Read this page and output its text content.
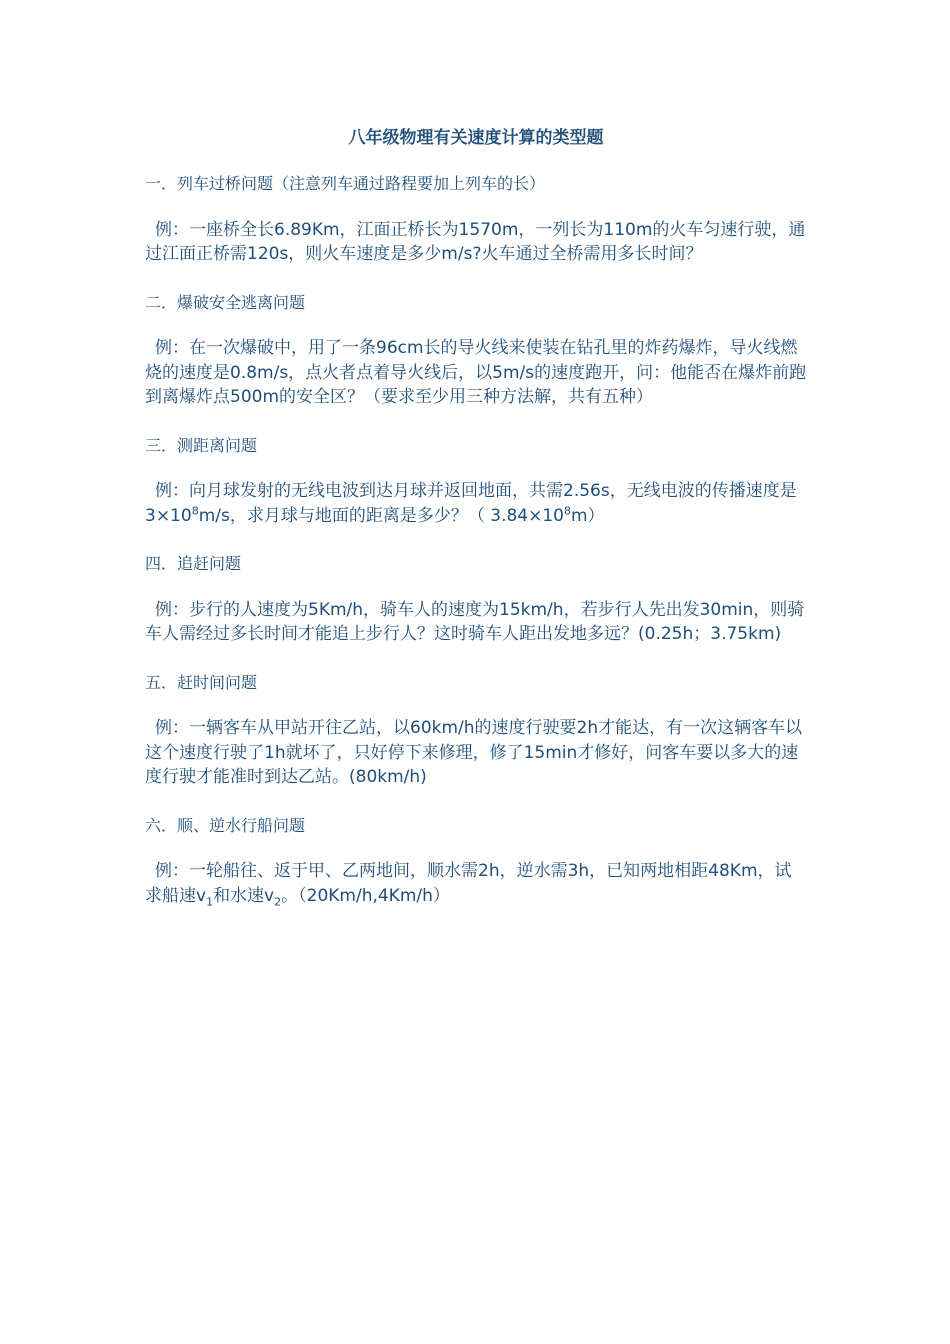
八年级物理有关速度计算的类型题
一．列车过桥问题（注意列车通过路程要加上列车的长）
例：一座桥全长6.89Km，江面正桥长为1570m，一列长为110m的火车匀速行驶，通过江面正桥需120s，则火车速度是多少m/s?火车通过全桥需用多长时间？
二．爆破安全逃离问题
例：在一次爆破中，用了一条96cm长的导火线来使装在钻孔里的炸药爆炸，导火线燃烧的速度是0.8m/s，点火者点着导火线后，以5m/s的速度跑开，问：他能否在爆炸前跑到离爆炸点500m的安全区？（要求至少用三种方法解，共有五种）
三．测距离问题
例：向月球发射的无线电波到达月球并返回地面，共需2.56s，无线电波的传播速度是$3\times 10^8m/s$，求月球与地面的距离是多少？（ $3.84\times 10^8m$）
四．追赶问题
例：步行的人速度为5Km/h，骑车人的速度为15km/h，若步行人先出发30min，则骑车人需经过多长时间才能追上步行人？这时骑车人距出发地多远？(0.25h；3.75km)
五．赶时间问题
例：一辆客车从甲站开往乙站，以60km/h的速度行驶要2h才能达，有一次这辆客车以这个速度行驶了1h就坏了，只好停下来修理，修了15min才修好，问客车要以多大的速度行驶才能准时到达乙站。(80km/h)
六．顺、逆水行船问题
例：一轮船往、返于甲、乙两地间，顺水需2h，逆水需3h，已知两地相距48Km，试求船速$v_1$和水速$v_2$。（20Km/h,4Km/h）
